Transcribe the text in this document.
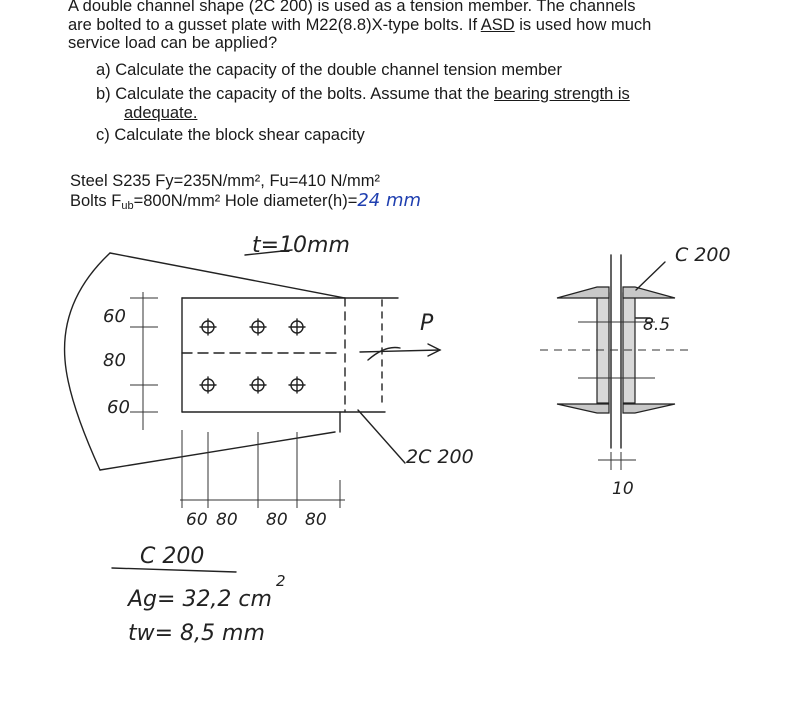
A double channel shape (2C 200) is used as a tension member. The channels
are bolted to a gusset plate with M22(8.8)X-type bolts. If ASD is used how much
service load can be applied?
a) Calculate the capacity of the double channel tension member
b) Calculate the capacity of the bolts. Assume that the bearing strength is
adequate.
c) Calculate the block shear capacity
Steel S235 Fy=235N/mm², Fu=410 N/mm²
Bolts Fub=800N/mm² Hole diameter(h)=24 mm
t=10mm
P
2C 200
60
80
60
60 80 80 80
C 200
8.5
10
C 200
Ag= 32,2 cm
2
tw= 8,5 mm
